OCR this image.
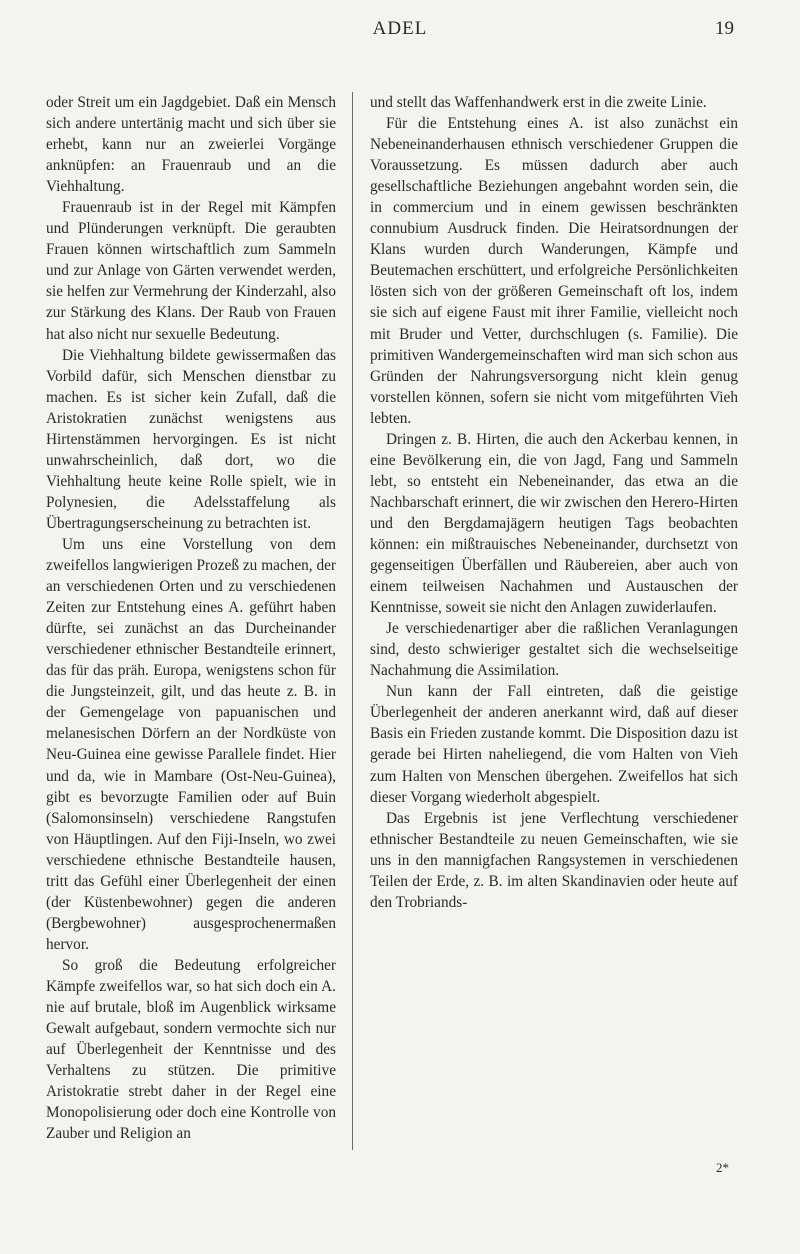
ADEL	19

oder Streit um ein Jagdgebiet. Daß ein Mensch sich andere untertänig macht und sich über sie erhebt, kann nur an zweierlei Vorgänge anknüpfen: an Frauenraub und an die Viehhaltung.

Frauenraub ist in der Regel mit Kämpfen und Plünderungen verknüpft. Die geraubten Frauen können wirtschaftlich zum Sammeln und zur Anlage von Gärten verwendet werden, sie helfen zur Vermehrung der Kinderzahl, also zur Stärkung des Klans. Der Raub von Frauen hat also nicht nur sexuelle Bedeutung.

Die Viehhaltung bildete gewissermaßen das Vorbild dafür, sich Menschen dienstbar zu machen. Es ist sicher kein Zufall, daß die Aristokratien zunächst wenigstens aus Hirtenstämmen hervorgingen. Es ist nicht unwahrscheinlich, daß dort, wo die Viehhaltung heute keine Rolle spielt, wie in Polynesien, die Adelsstaffelung als Übertragungserscheinung zu betrachten ist.

Um uns eine Vorstellung von dem zweifellos langwierigen Prozeß zu machen, der an verschiedenen Orten und zu verschiedenen Zeiten zur Entstehung eines A. geführt haben dürfte, sei zunächst an das Durcheinander verschiedener ethnischer Bestandteile erinnert, das für das präh. Europa, wenigstens schon für die Jungsteinzeit, gilt, und das heute z. B. in der Gemengelage von papuanischen und melanesischen Dörfern an der Nordküste von Neu-Guinea eine gewisse Parallele findet. Hier und da, wie in Mambare (Ost-Neu-Guinea), gibt es bevorzugte Familien oder auf Buin (Salomonsinseln) verschiedene Rangstufen von Häuptlingen. Auf den Fiji-Inseln, wo zwei verschiedene ethnische Bestandteile hausen, tritt das Gefühl einer Überlegenheit der einen (der Küstenbewohner) gegen die anderen (Bergbewohner) ausgesprochenermaßen hervor.

So groß die Bedeutung erfolgreicher Kämpfe zweifellos war, so hat sich doch ein A. nie auf brutale, bloß im Augenblick wirksame Gewalt aufgebaut, sondern vermochte sich nur auf Überlegenheit der Kenntnisse und des Verhaltens zu stützen. Die primitive Aristokratie strebt daher in der Regel eine Monopolisierung oder doch eine Kontrolle von Zauber und Religion an

und stellt das Waffenhandwerk erst in die zweite Linie.

Für die Entstehung eines A. ist also zunächst ein Nebeneinanderhausen ethnisch verschiedener Gruppen die Voraussetzung. Es müssen dadurch aber auch gesellschaftliche Beziehungen angebahnt worden sein, die in commercium und in einem gewissen beschränkten connubium Ausdruck finden. Die Heiratsordnungen der Klans wurden durch Wanderungen, Kämpfe und Beutemachen erschüttert, und erfolgreiche Persönlichkeiten lösten sich von der größeren Gemeinschaft oft los, indem sie sich auf eigene Faust mit ihrer Familie, vielleicht noch mit Bruder und Vetter, durchschlugen (s. Familie). Die primitiven Wandergemeinschaften wird man sich schon aus Gründen der Nahrungsversorgung nicht klein genug vorstellen können, sofern sie nicht vom mitgeführten Vieh lebten.

Dringen z. B. Hirten, die auch den Ackerbau kennen, in eine Bevölkerung ein, die von Jagd, Fang und Sammeln lebt, so entsteht ein Nebeneinander, das etwa an die Nachbarschaft erinnert, die wir zwischen den Herero-Hirten und den Bergdamajägern heutigen Tags beobachten können: ein mißtrauisches Nebeneinander, durchsetzt von gegenseitigen Überfällen und Räubereien, aber auch von einem teilweisen Nachahmen und Austauschen der Kenntnisse, soweit sie nicht den Anlagen zuwiderlaufen.

Je verschiedenartiger aber die raßlichen Veranlagungen sind, desto schwieriger gestaltet sich die wechselseitige Nachahmung die Assimilation.

Nun kann der Fall eintreten, daß die geistige Überlegenheit der anderen anerkannt wird, daß auf dieser Basis ein Frieden zustande kommt. Die Disposition dazu ist gerade bei Hirten naheliegend, die vom Halten von Vieh zum Halten von Menschen übergehen. Zweifellos hat sich dieser Vorgang wiederholt abgespielt.

Das Ergebnis ist jene Verflechtung verschiedener ethnischer Bestandteile zu neuen Gemeinschaften, wie sie uns in den mannigfachen Rangsystemen in verschiedenen Teilen der Erde, z. B. im alten Skandinavien oder heute auf den Trobriands-

2*
